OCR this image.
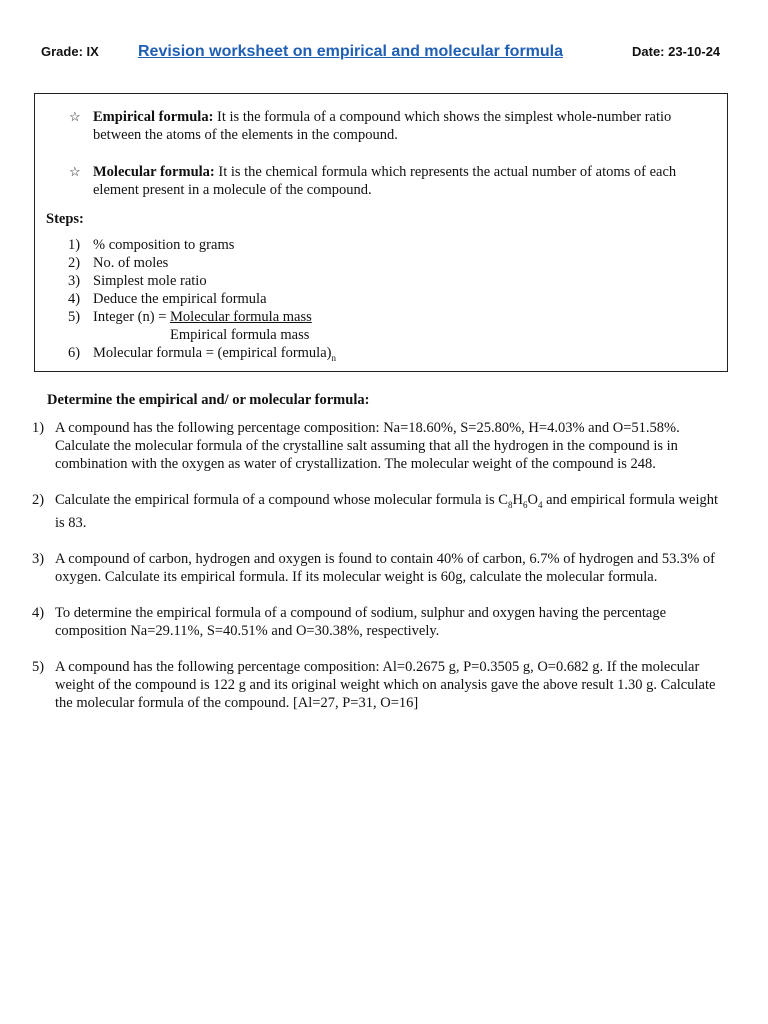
Grade: IX Revision worksheet on empirical and molecular formula	Date: 23-10-24
☆ Empirical formula: It is the formula of a compound which shows the simplest whole-number ratio between the atoms of the elements in the compound.
☆ Molecular formula: It is the chemical formula which represents the actual number of atoms of each element present in a molecule of the compound.
Steps:
1) % composition to grams
2) No. of moles
3) Simplest mole ratio
4) Deduce the empirical formula
5) Integer $(n) = \frac{\text{Molecular formula mass}}{\text{Empirical formula mass}}$
6) Molecular formula = (empirical $formula)_n$
Determine the empirical and/ or molecular formula:
1) A compound has the following percentage composition: Na=18.60%, S=25.80%, H=4.03% and O=51.58%. Calculate the molecular formula of the crystalline salt assuming that all the hydrogen in the compound is in combination with the oxygen as water of crystallization. The molecular weight of the compound is 248.
2) Calculate the empirical formula of a compound whose molecular formula is $C_8H_6O_4$ and empirical formula weight is 83.
3) A compound of carbon, hydrogen and oxygen is found to contain 40% of carbon, 6.7% of hydrogen and 53.3% of oxygen. Calculate its empirical formula. If its molecular weight is 60g, calculate the molecular formula.
4) To determine the empirical formula of a compound of sodium, sulphur and oxygen having the percentage composition Na=29.11%, S=40.51% and O=30.38%, respectively.
5) A compound has the following percentage composition: Al=0.2675 g, P=0.3505 g, O=0.682 g. If the molecular weight of the compound is 122 g and its original weight which on analysis gave the above result 1.30 g. Calculate the molecular formula of the compound. [Al=27, P=31, O=16]
